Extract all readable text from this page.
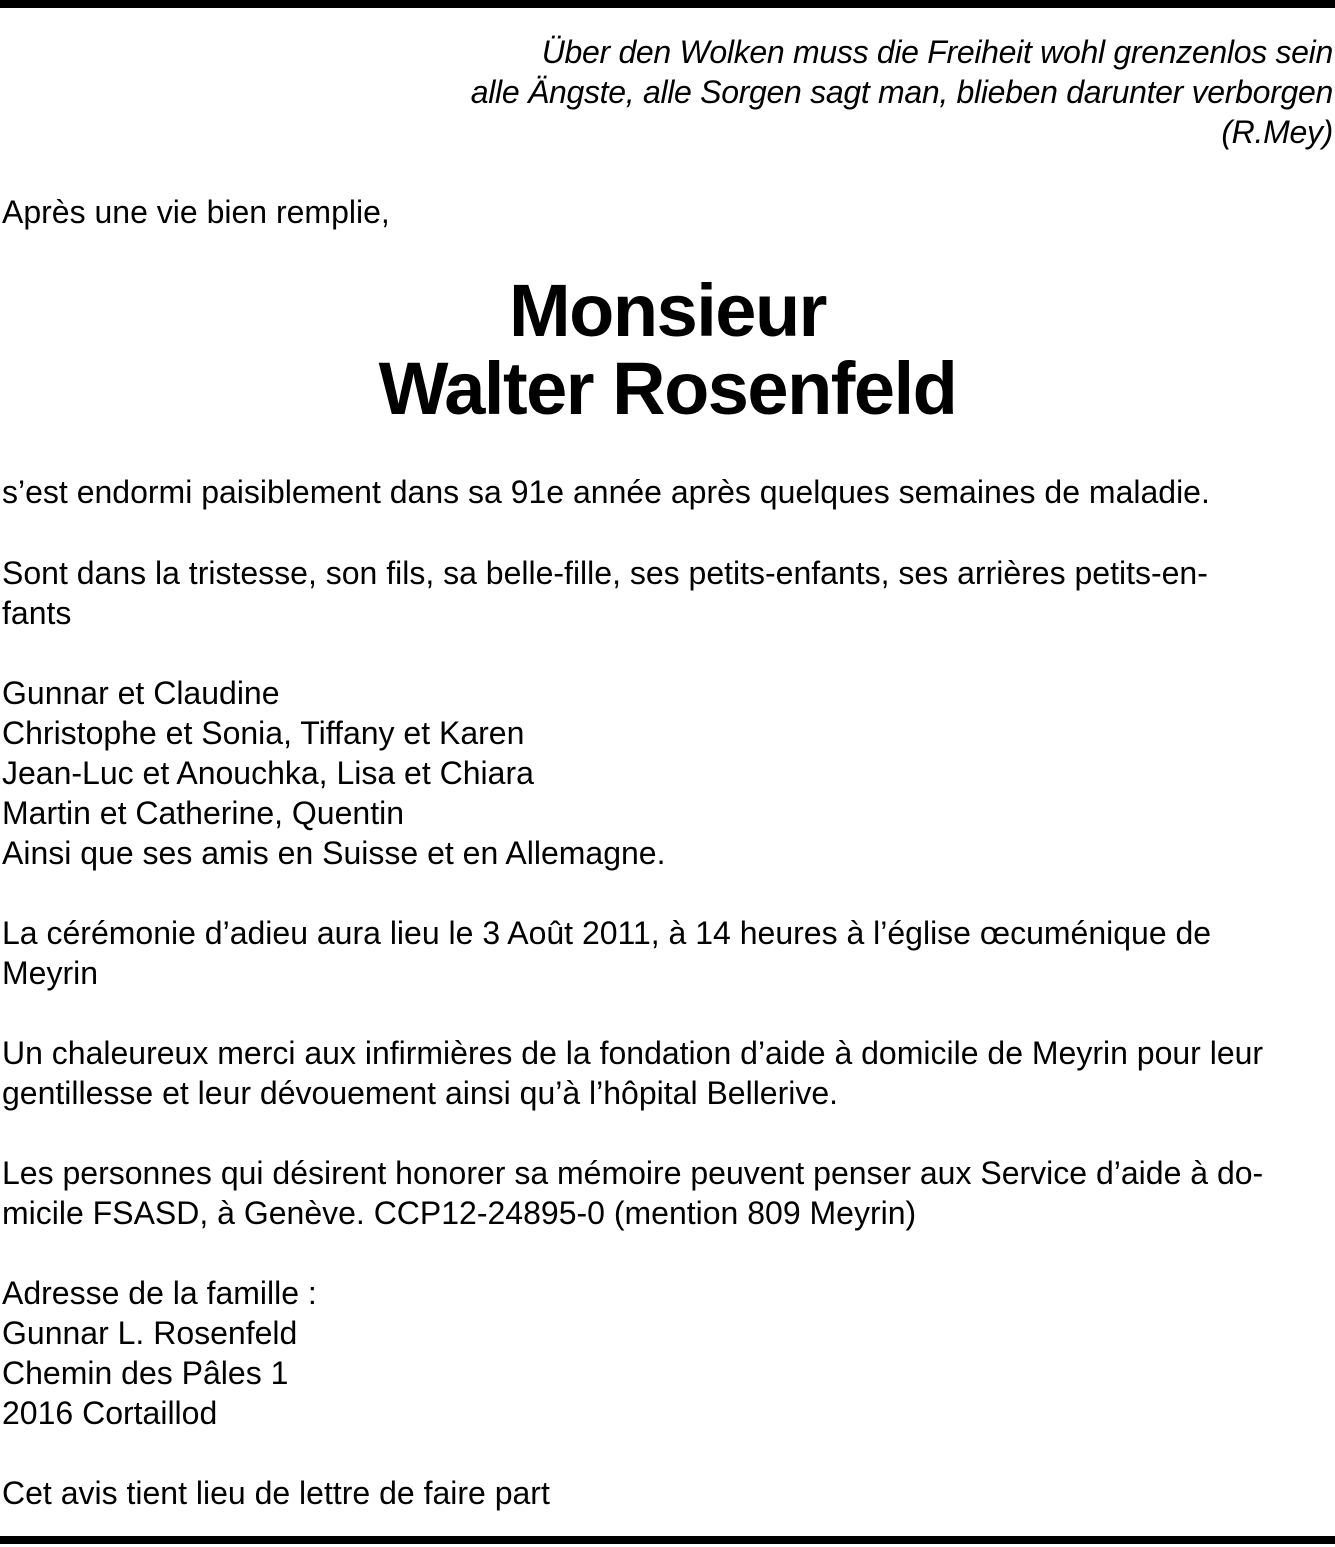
Über den Wolken muss die Freiheit wohl grenzenlos sein
alle Ängste, alle Sorgen sagt man, blieben darunter verborgen
(R.Mey)
Après une vie bien remplie,
Monsieur
Walter Rosenfeld
s’est endormi paisiblement dans sa 91e année après quelques semaines de maladie.
Sont dans la tristesse, son fils, sa belle-fille, ses petits-enfants, ses arrières petits-en-
fants
Gunnar et Claudine
Christophe et Sonia, Tiffany et Karen
Jean-Luc et Anouchka, Lisa et Chiara
Martin et Catherine, Quentin
Ainsi que ses amis en Suisse et en Allemagne.
La cérémonie d’adieu aura lieu le 3 Août 2011, à 14 heures à l’église œcuménique de
Meyrin
Un chaleureux merci aux infirmières de la fondation d’aide à domicile de Meyrin pour leur
gentillesse et leur dévouement ainsi qu’à l’hôpital Bellerive.
Les personnes qui désirent honorer sa mémoire peuvent penser aux Service d’aide à do-
micile FSASD, à Genève. CCP12-24895-0 (mention 809 Meyrin)
Adresse de la famille :
Gunnar L. Rosenfeld
Chemin des Pâles 1
2016 Cortaillod
Cet avis tient lieu de lettre de faire part
